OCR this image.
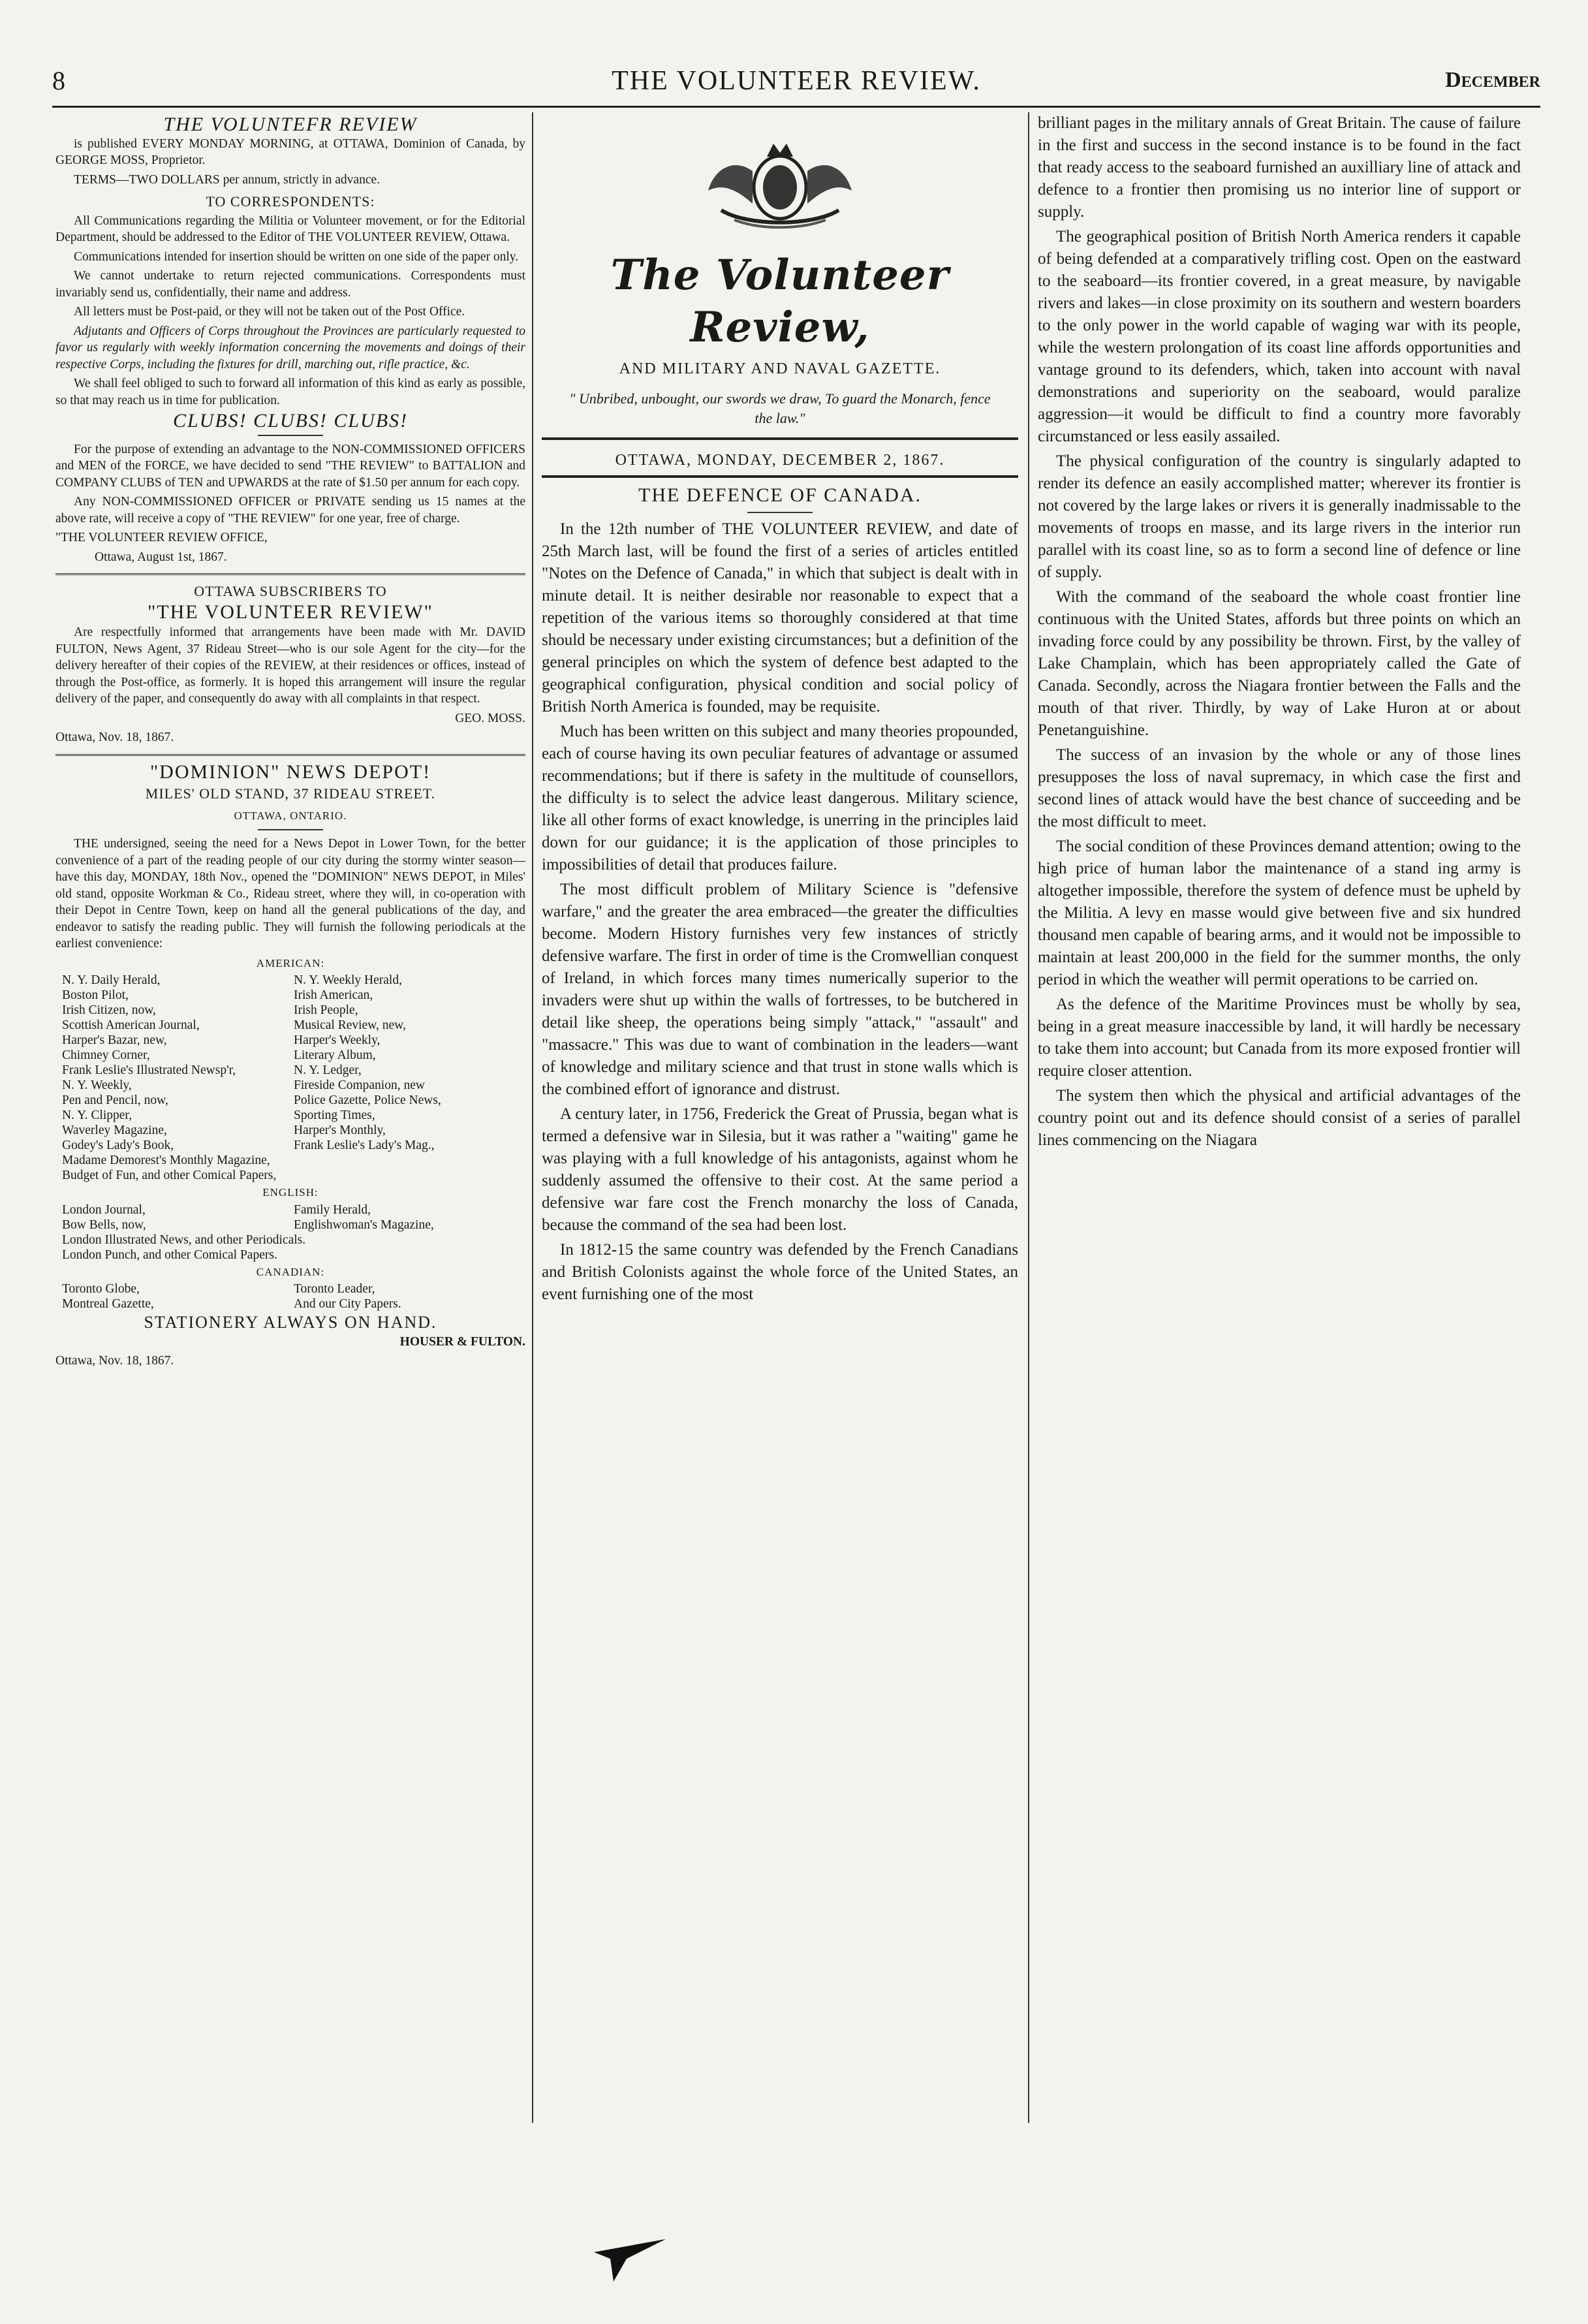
8	THE VOLUNTEER REVIEW.	December
THE VOLUNTEFR REVIEW

is published EVERY MONDAY MORNING, at OTTAWA, Dominion of Canada, by GEORGE MOSS, Proprietor.

TERMS—TWO DOLLARS per annum, strictly in advance.

TO CORRESPONDENTS:

All Communications regarding the Militia or Volunteer movement, or for the Editorial Department, should be addressed to the Editor of THE VOLUNTEER REVIEW, Ottawa.

Communications intended for insertion should be written on one side of the paper only.

We cannot undertake to return rejected communications. Correspondents must invariably send us, confidentially, their name and address.

All letters must be Post-paid, or they will not be taken out of the Post Office.

Adjutants and Officers of Corps throughout the Provinces are particularly requested to favor us regularly with weekly information concerning the movements and doings of their respective Corps, including the fixtures for drill, marching out, rifle practice, &c.

We shall feel obliged to such to forward all information of this kind as early as possible, so that may reach us in time for publication.

CLUBS! CLUBS! CLUBS!

For the purpose of extending an advantage to the NON-COMMISSIONED OFFICERS and MEN of the FORCE, we have decided to send "THE REVIEW" to BATTALION and COMPANY CLUBS of TEN and UPWARDS at the rate of $1.50 per annum for each copy.

Any NON-COMMISSIONED OFFICER or PRIVATE sending us 15 names at the above rate, will receive a copy of "THE REVIEW" for one year, free of charge.

"THE VOLUNTEER REVIEW OFFICE,

Ottawa, August 1st, 1867.

OTTAWA SUBSCRIBERS TO
"THE VOLUNTEER REVIEW"

Are respectfully informed that arrangements have been made with Mr. DAVID FULTON, News Agent, 37 Rideau Street—who is our sole Agent for the city—for the delivery hereafter of their copies of the REVIEW, at their residences or offices, instead of through the Post-office, as formerly. It is hoped this arrangement will insure the regular delivery of the paper, and consequently do away with all complaints in that respect.

GEO. MOSS.

Ottawa, Nov. 18, 1867.

"DOMINION" NEWS DEPOT!
MILES' OLD STAND, 37 RIDEAU STREET.
OTTAWA, ONTARIO.

THE undersigned, seeing the need for a News Depot in Lower Town, for the better convenience of a part of the reading people of our city during the stormy winter season—have this day, MONDAY, 18th Nov., opened the "DOMINION" NEWS DEPOT, in Miles' old stand, opposite Workman & Co., Rideau street, where they will, in co-operation with their Depot in Centre Town, keep on hand all the general publications of the day, and endeavor to satisfy the reading public. They will furnish the following periodicals at the earliest convenience:

AMERICAN:
N. Y. Daily Herald,	N. Y. Weekly Herald,
Boston Pilot,	Irish American,
Irish Citizen, now,	Irish People,
Scottish American Journal,	Musical Review, new,
Harper's Bazar, new,	Harper's Weekly,
Chimney Corner,	Literary Album,
Frank Leslie's Illustrated Newsp'r,	N. Y. Ledger,
N. Y. Weekly,	Fireside Companion, new
Pen and Pencil, now,	Police Gazette, Police News,
N. Y. Clipper,	Sporting Times,
Waverley Magazine,	Harper's Monthly,
Godey's Lady's Book,	Frank Leslie's Lady's Mag.,
Madame Demorest's Monthly Magazine,
Budget of Fun, and other Comical Papers,
ENGLISH:
London Journal,	Family Herald,
Bow Bells, now,	Englishwoman's Magazine,
London Illustrated News, and other Periodicals.
London Punch, and other Comical Papers.
CANADIAN:
Toronto Globe,	Toronto Leader,
Montreal Gazette,	And our City Papers.
STATIONERY ALWAYS ON HAND.

HOUSER & FULTON.

Ottawa, Nov. 18, 1867.

The Volunteer Review,
AND MILITARY AND NAVAL GAZETTE.
" Unbribed, unbought, our swords we draw, To guard the Monarch, fence the law."
OTTAWA, MONDAY, DECEMBER 2, 1867.
THE DEFENCE OF CANADA.

In the 12th number of THE VOLUNTEER REVIEW, and date of 25th March last, will be found the first of a series of articles entitled "Notes on the Defence of Canada," in which that subject is dealt with in minute detail. It is neither desirable nor reasonable to expect that a repetition of the various items so thoroughly considered at that time should be necessary under existing circumstances; but a definition of the general principles on which the system of defence best adapted to the geographical configuration, physical condition and social policy of British North America is founded, may be requisite.

Much has been written on this subject and many theories propounded, each of course having its own peculiar features of advantage or assumed recommendations; but if there is safety in the multitude of counsellors, the difficulty is to select the advice least dangerous. Military science, like all other forms of exact knowledge, is unerring in the principles laid down for our guidance; it is the application of those principles to impossibilities of detail that produces failure.

The most difficult problem of Military Science is "defensive warfare," and the greater the area embraced—the greater the difficulties become. Modern History furnishes very few instances of strictly defensive warfare. The first in order of time is the Cromwellian conquest of Ireland, in which forces many times numerically superior to the invaders were shut up within the walls of fortresses, to be butchered in detail like sheep, the operations being simply "attack," "assault" and "massacre." This was due to want of combination in the leaders—want of knowledge and military science and that trust in stone walls which is the combined effort of ignorance and distrust.

A century later, in 1756, Frederick the Great of Prussia, began what is termed a defensive war in Silesia, but it was rather a "waiting" game he was playing with a full knowledge of his antagonists, against whom he suddenly assumed the offensive to their cost. At the same period a defensive war fare cost the French monarchy the loss of Canada, because the command of the sea had been lost.

In 1812-15 the same country was defended by the French Canadians and British Colonists against the whole force of the United States, an event furnishing one of the most

brilliant pages in the military annals of Great Britain. The cause of failure in the first and success in the second instance is to be found in the fact that ready access to the seaboard furnished an auxilliary line of attack and defence to a frontier then promising us no interior line of support or supply.

The geographical position of British North America renders it capable of being defended at a comparatively trifling cost. Open on the eastward to the seaboard—its frontier covered, in a great measure, by navigable rivers and lakes—in close proximity on its southern and western boarders to the only power in the world capable of waging war with its people, while the western prolongation of its coast line affords opportunities and vantage ground to its defenders, which, taken into account with naval demonstrations and superiority on the seaboard, would paralize aggression—it would be difficult to find a country more favorably circumstanced or less easily assailed.

The physical configuration of the country is singularly adapted to render its defence an easily accomplished matter; wherever its frontier is not covered by the large lakes or rivers it is generally inadmissable to the movements of troops en masse, and its large rivers in the interior run parallel with its coast line, so as to form a second line of defence or line of supply.

With the command of the seaboard the whole coast frontier line continuous with the United States, affords but three points on which an invading force could by any possibility be thrown. First, by the valley of Lake Champlain, which has been appropriately called the Gate of Canada. Secondly, across the Niagara frontier between the Falls and the mouth of that river. Thirdly, by way of Lake Huron at or about Penetanguishine.

The success of an invasion by the whole or any of those lines presupposes the loss of naval supremacy, in which case the first and second lines of attack would have the best chance of succeeding and be the most difficult to meet.

The social condition of these Provinces demand attention; owing to the high price of human labor the maintenance of a stand ing army is altogether impossible, therefore the system of defence must be upheld by the Militia. A levy en masse would give between five and six hundred thousand men capable of bearing arms, and it would not be impossible to maintain at least 200,000 in the field for the summer months, the only period in which the weather will permit operations to be carried on.

As the defence of the Maritime Provinces must be wholly by sea, being in a great measure inaccessible by land, it will hardly be necessary to take them into account; but Canada from its more exposed frontier will require closer attention.

The system then which the physical and artificial advantages of the country point out and its defence should consist of a series of parallel lines commencing on the Niagara
